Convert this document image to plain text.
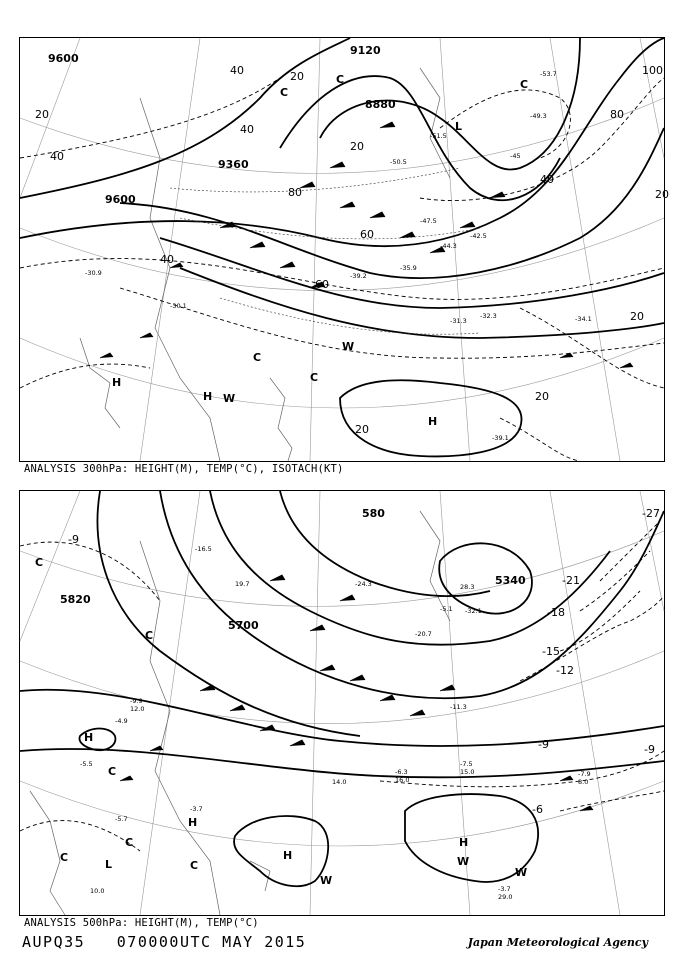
9600
9120
8880
9360
9600
20
40	20
40
60
80
100
40
20
20
20
40
60
80	20
40
20
-30.9
-31.3
-30.1
-39.2
-47.5
-44.3
-42.5
-32.3	-34.1
-35.9
-39.1
-49.3
-53.7
-51.5
-50.5
-45
H
H W
C
C
W
H
C
C
L
C
ANALYSIS 300hPa: HEIGHT(M), TEMP(°C), ISOTACH(KT)
5820
5700
5340
580
-9
-12
-15
-18
-21
-27
-9
-6
-9
-7.5
15.0	-7.9
8.0
-6.3
16.0
-3.7
29.0
-9.9
12.0	-11.3
-4.9
-5.5
-3.7
14.0
-5.7
10.0
-5.1
28.3
-32.1
-24.3
-20.7
19.7
-16.5
H
H
H
H
L
C
C
C
W
W
W
C
C
C
ANALYSIS 500hPa: HEIGHT(M), TEMP(°C)
AUPQ35   070000UTC MAY 2015	Japan Meteorological Agency
